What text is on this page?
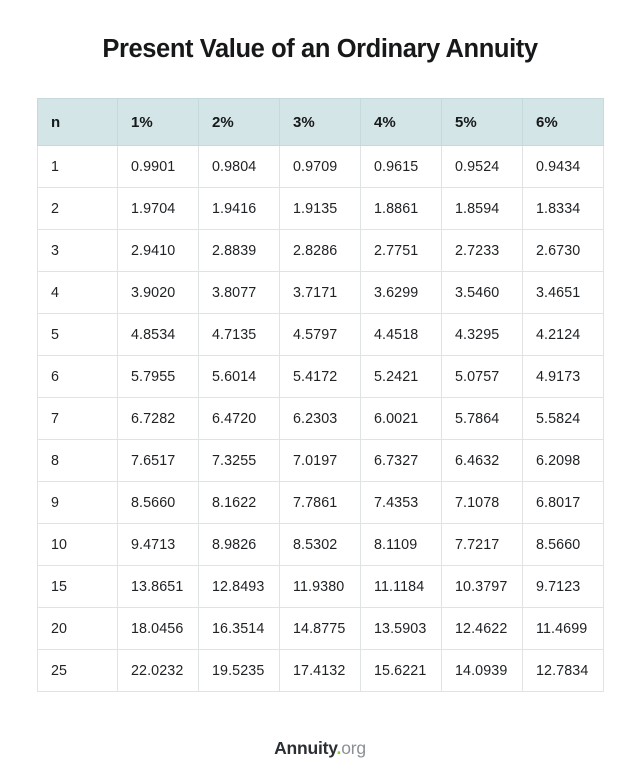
Present Value of an Ordinary Annuity
n	1%	2%	3%	4%	5%	6%
1	0.9901	0.9804	0.9709	0.9615	0.9524	0.9434
2	1.9704	1.9416	1.9135	1.8861	1.8594	1.8334
3	2.9410	2.8839	2.8286	2.7751	2.7233	2.6730
4	3.9020	3.8077	3.7171	3.6299	3.5460	3.4651
5	4.8534	4.7135	4.5797	4.4518	4.3295	4.2124
6	5.7955	5.6014	5.4172	5.2421	5.0757	4.9173
7	6.7282	6.4720	6.2303	6.0021	5.7864	5.5824
8	7.6517	7.3255	7.0197	6.7327	6.4632	6.2098
9	8.5660	8.1622	7.7861	7.4353	7.1078	6.8017
10	9.4713	8.9826	8.5302	8.1109	7.7217	8.5660
15	13.8651	12.8493	11.9380	11.1184	10.3797	9.7123
20	18.0456	16.3514	14.8775	13.5903	12.4622	11.4699
25	22.0232	19.5235	17.4132	15.6221	14.0939	12.7834
Annuity.org
